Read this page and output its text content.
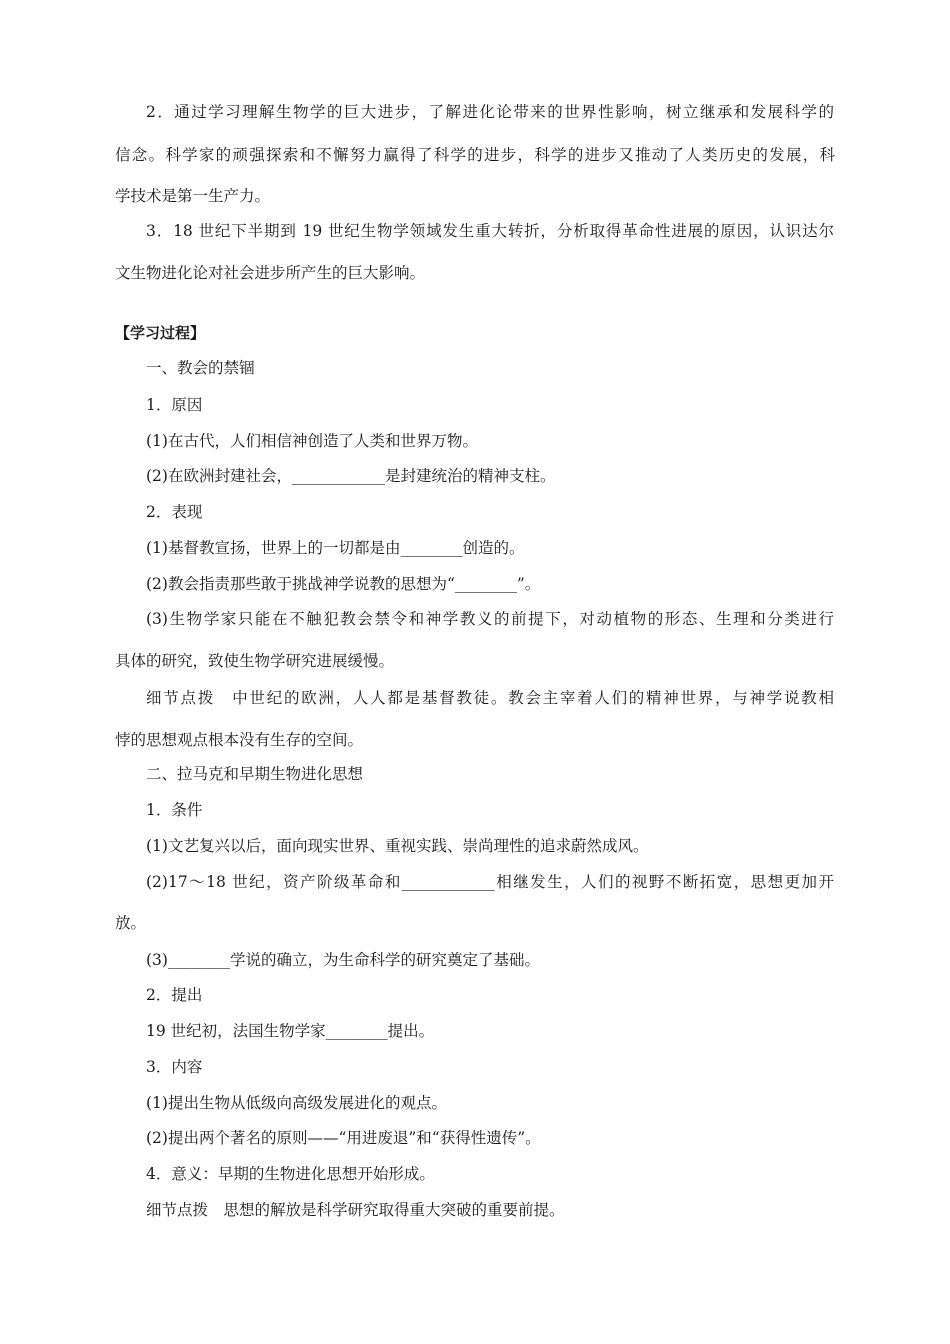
2．通过学习理解生物学的巨大进步，了解进化论带来的世界性影响，树立继承和发展科学的
信念。科学家的顽强探索和不懈努力赢得了科学的进步，科学的进步又推动了人类历史的发展，科
学技术是第一生产力。
3．18 世纪下半期到 19 世纪生物学领域发生重大转折，分析取得革命性进展的原因，认识达尔
文生物进化论对社会进步所产生的巨大影响。
【学习过程】
一、教会的禁锢
1．原因
(1)在古代，人们相信神创造了人类和世界万物。
(2)在欧洲封建社会，____________是封建统治的精神支柱。
2．表现
(1)基督教宣扬，世界上的一切都是由________创造的。
(2)教会指责那些敢于挑战神学说教的思想为“________”。
(3)生物学家只能在不触犯教会禁令和神学教义的前提下，对动植物的形态、生理和分类进行
具体的研究，致使生物学研究进展缓慢。
细节点拨　中世纪的欧洲，人人都是基督教徒。教会主宰着人们的精神世界，与神学说教相
悖的思想观点根本没有生存的空间。
二、拉马克和早期生物进化思想
1．条件
(1)文艺复兴以后，面向现实世界、重视实践、崇尚理性的追求蔚然成风。
(2)17～18 世纪，资产阶级革命和____________相继发生，人们的视野不断拓宽，思想更加开
放。
(3)________学说的确立，为生命科学的研究奠定了基础。
2．提出
19 世纪初，法国生物学家________提出。
3．内容
(1)提出生物从低级向高级发展进化的观点。
(2)提出两个著名的原则——“用进废退”和“获得性遗传”。
4．意义：早期的生物进化思想开始形成。
细节点拨　思想的解放是科学研究取得重大突破的重要前提。
